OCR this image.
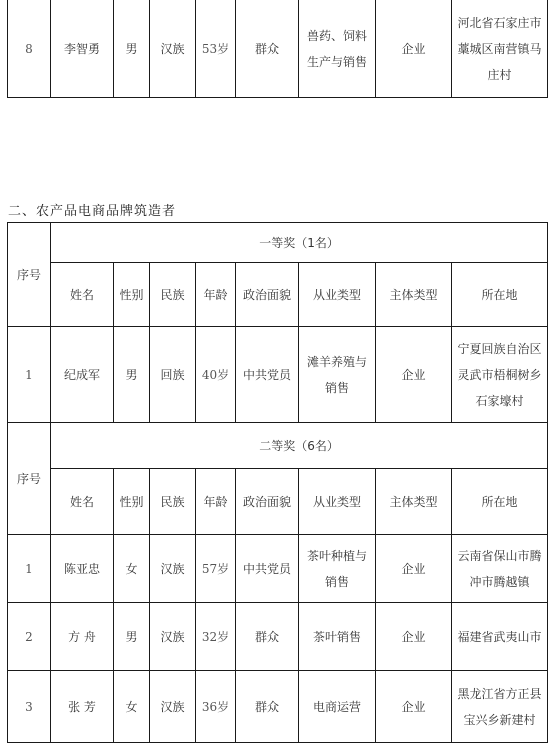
8	李智勇	男	汉族	53岁	群众	兽药、饲料生产与销售	企业	河北省石家庄市藁城区南营镇马庄村
二、农产品电商品牌筑造者
序号	一等奖（1名）							
	姓名	性别	民族	年龄	政治面貌	从业类型	主体类型	所在地
1	纪成军	男	回族	40岁	中共党员	滩羊养殖与销售	企业	宁夏回族自治区灵武市梧桐树乡石家壕村
序号	二等奖（6名）							
	姓名	性别	民族	年龄	政治面貌	从业类型	主体类型	所在地
1	陈亚忠	女	汉族	57岁	中共党员	茶叶种植与销售	企业	云南省保山市腾冲市腾越镇
2	方 舟	男	汉族	32岁	群众	茶叶销售	企业	福建省武夷山市
3	张 芳	女	汉族	36岁	群众	电商运营	企业	黑龙江省方正县宝兴乡新建村
